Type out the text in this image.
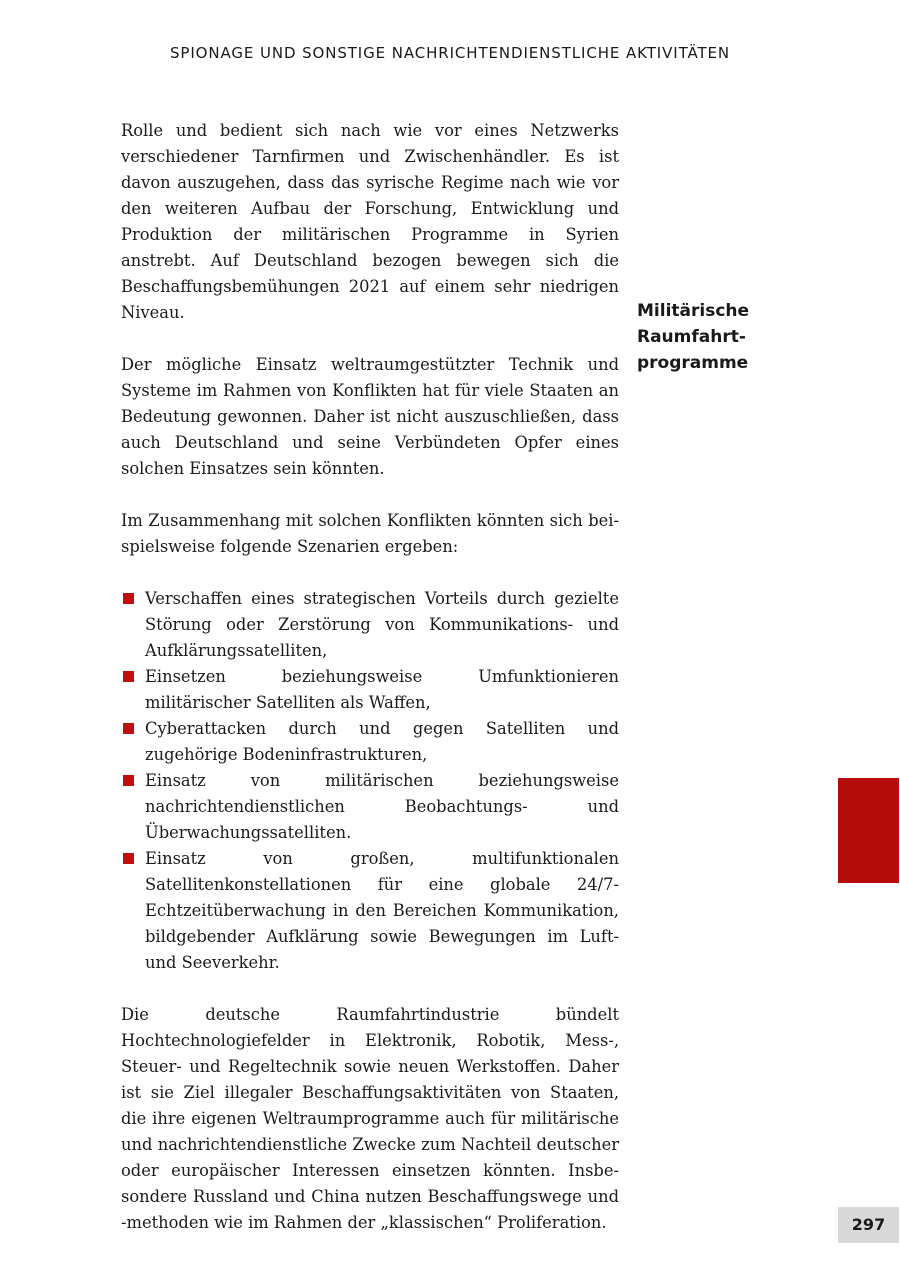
SPIONAGE UND SONSTIGE NACHRICHTENDIENSTLICHE AKTIVITÄTEN

Rolle und bedient sich nach wie vor eines Netzwerks verschiedener Tarnfirmen und Zwischenhändler. Es ist davon auszugehen, dass das syrische Regime nach wie vor den weiteren Aufbau der Forschung, Entwicklung und Produktion der militärischen Programme in Syrien anstrebt. Auf Deutschland bezogen bewegen sich die Beschaffungsbemühungen 2021 auf einem sehr niedrigen Niveau.

Der mögliche Einsatz weltraumgestützter Technik und Systeme im Rahmen von Konflikten hat für viele Staaten an Bedeutung gewonnen. Daher ist nicht auszuschließen, dass auch Deutschland und seine Verbündeten Opfer eines solchen Einsatzes sein könnten.

Im Zusammenhang mit solchen Konflikten könnten sich beispielsweise folgende Szenarien ergeben:

Verschaffen eines strategischen Vorteils durch gezielte Störung oder Zerstörung von Kommunikations- und Aufklärungssatelliten,
Einsetzen beziehungsweise Umfunktionieren militärischer Satelliten als Waffen,
Cyberattacken durch und gegen Satelliten und zugehörige Bodeninfrastrukturen,
Einsatz von militärischen beziehungsweise nachrichtendienstlichen Beobachtungs- und Überwachungssatelliten.
Einsatz von großen, multifunktionalen Satellitenkonstellationen für eine globale 24/7-Echtzeitüberwachung in den Bereichen Kommunikation, bildgebender Aufklärung sowie Bewegungen im Luft- und Seeverkehr.

Die deutsche Raumfahrtindustrie bündelt Hochtechnologiefelder in Elektronik, Robotik, Mess-, Steuer- und Regeltechnik sowie neuen Werkstoffen. Daher ist sie Ziel illegaler Beschaffungsaktivitäten von Staaten, die ihre eigenen Weltraumprogramme auch für militärische und nachrichtendienstliche Zwecke zum Nachteil deutscher oder europäischer Interessen einsetzen könnten. Insbesondere Russland und China nutzen Beschaffungswege und -methoden wie im Rahmen der „klassischen“ Proliferation.

Militärische
Raumfahrt-
programme
297
